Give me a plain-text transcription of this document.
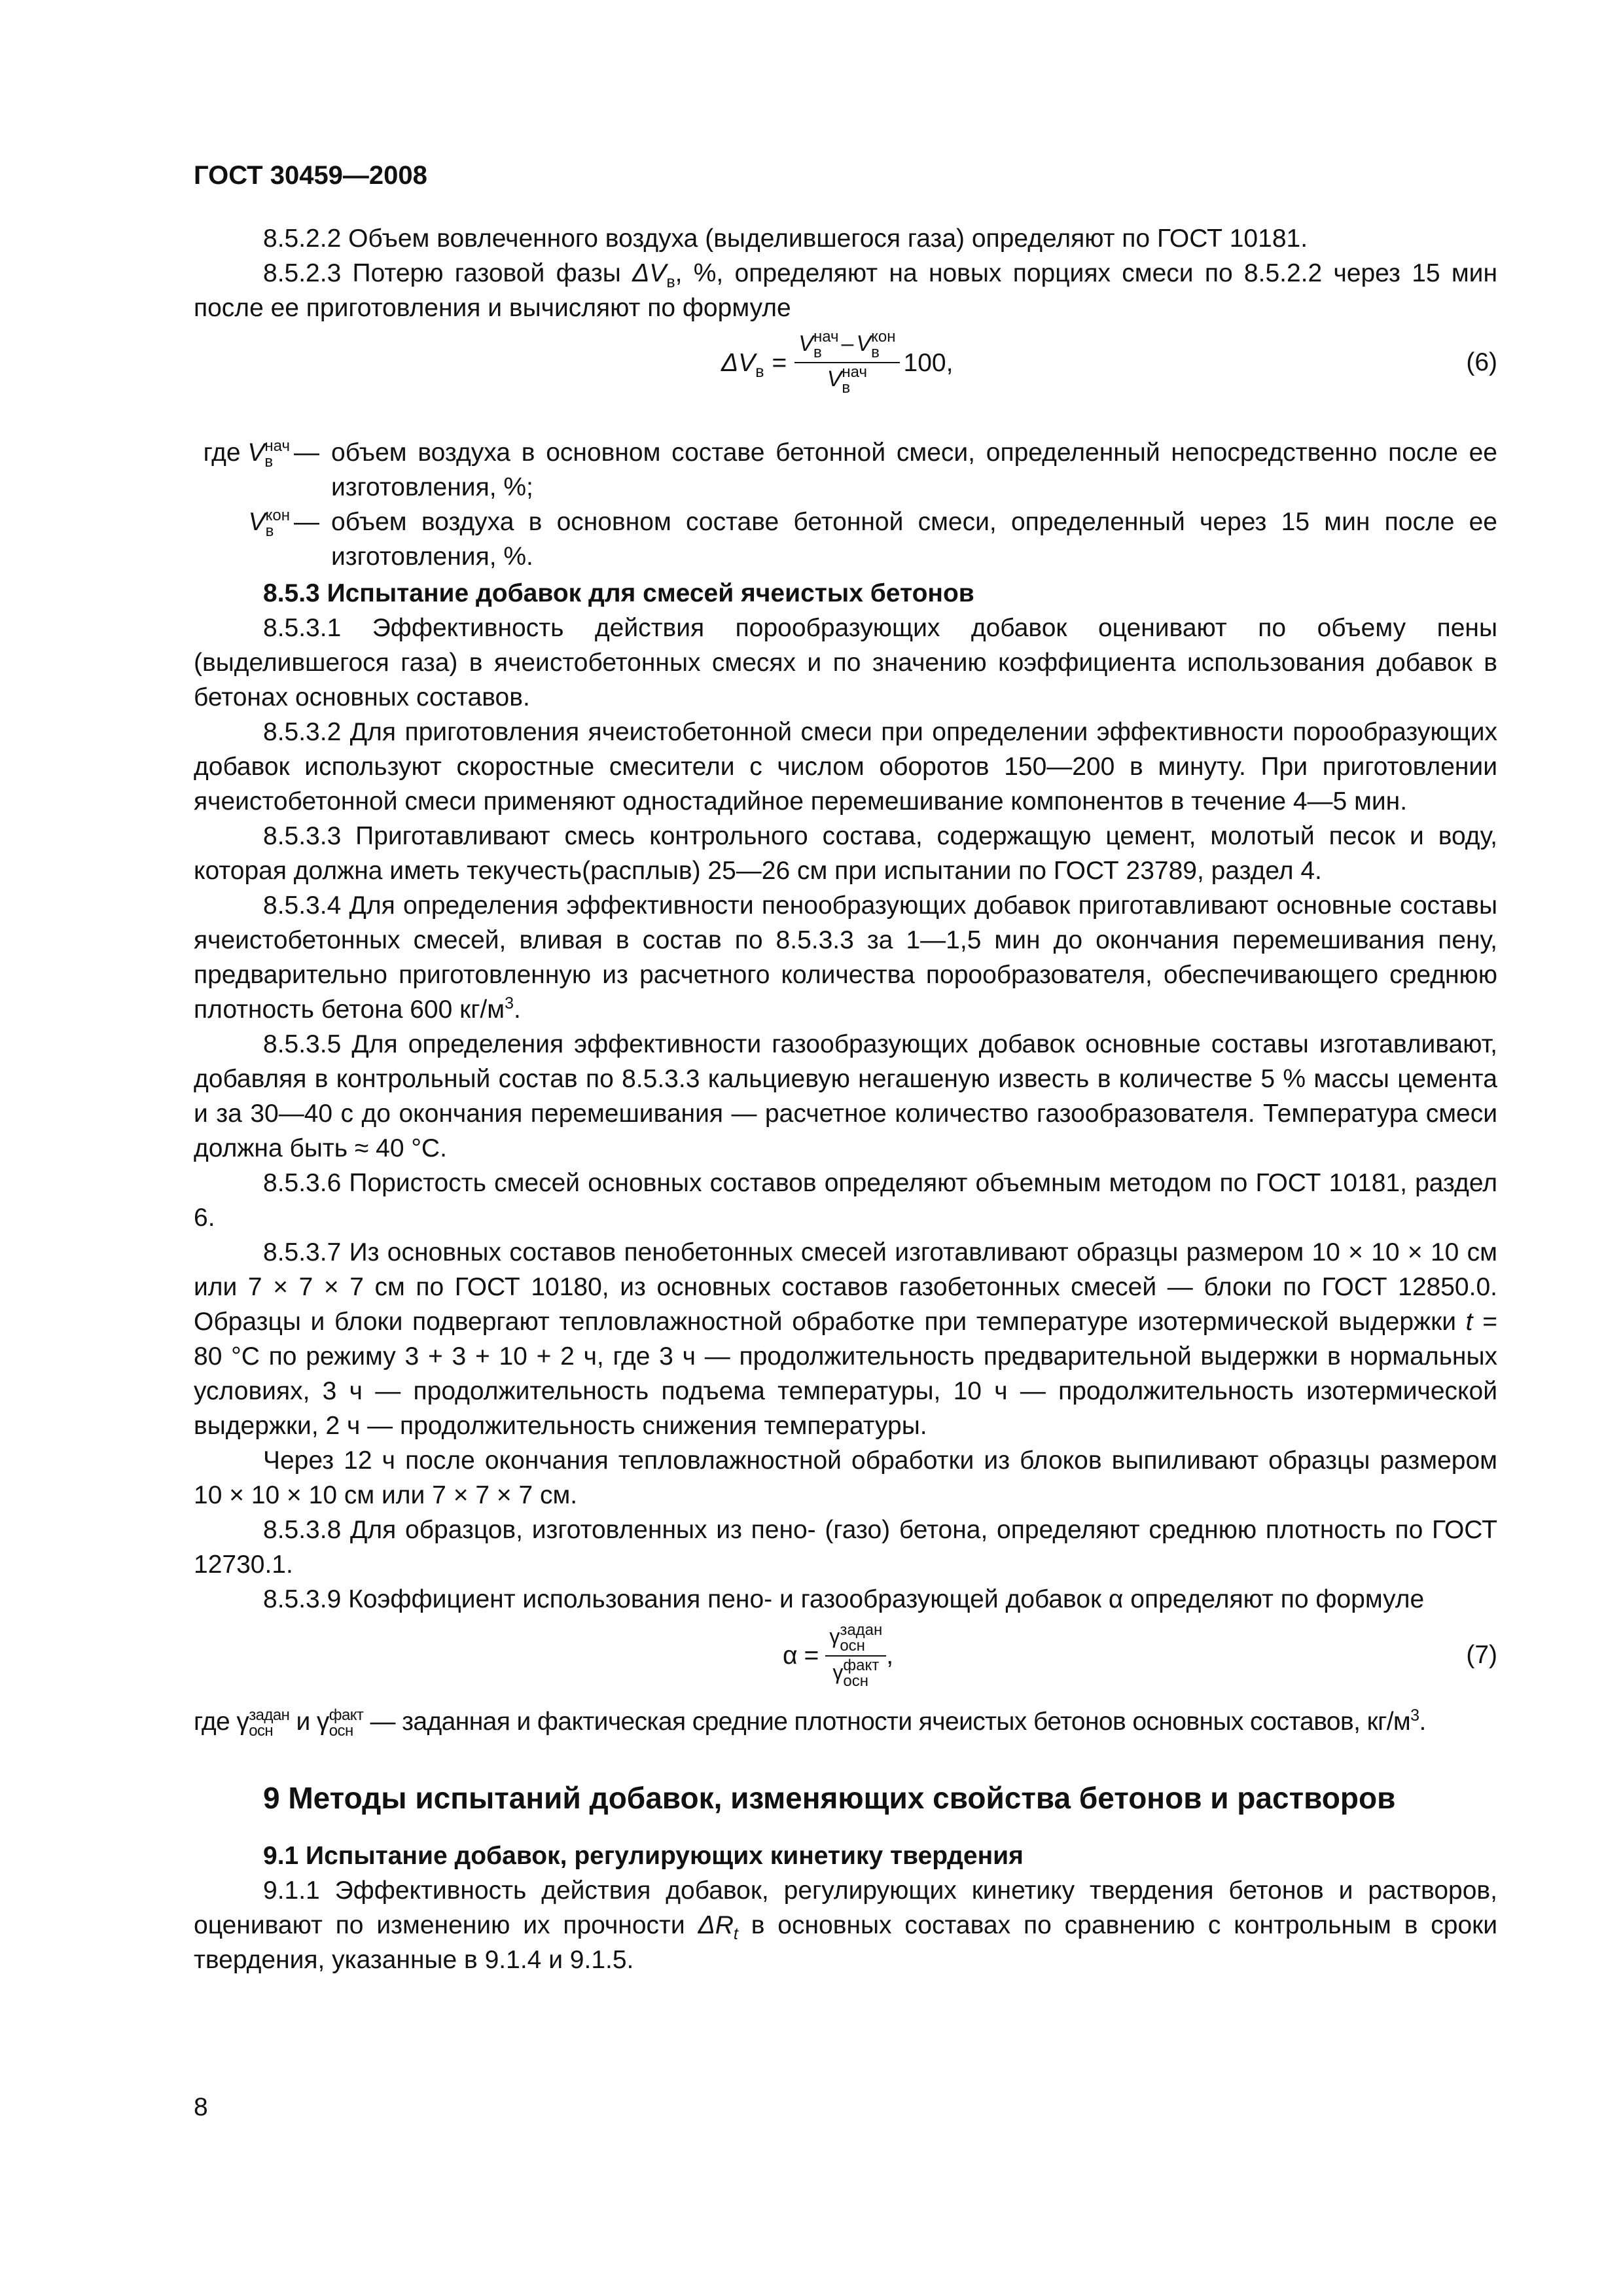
ГОСТ 30459—2008

8.5.2.2 Объем вовлеченного воздуха (выделившегося газа) определяют по ГОСТ 10181.

8.5.2.3 Потерю газовой фазы $\Delta V_в$, %, определяют на новых порциях смеси по 8.5.2.2 через 15 мин после ее приготовления и вычисляют по формуле

$\Delta V_в = V$ нач
в – V кон
в
V нач
в 100,	(6)
где V нач
в — объем воздуха в основном составе бетонной смеси, определенный непосредственно после ее изготовления, %;
V кон
в — объем воздуха в основном составе бетонной смеси, определенный через 15 мин после ее изготовления, %.

8.5.3 Испытание добавок для смесей ячеистых бетонов

8.5.3.1 Эффективность действия порообразующих добавок оценивают по объему пены (выделившегося газа) в ячеистобетонных смесях и по значению коэффициента использования добавок в бетонах основных составов.

8.5.3.2 Для приготовления ячеистобетонной смеси при определении эффективности порообразующих добавок используют скоростные смесители с числом оборотов 150—200 в минуту. При приготовлении ячеистобетонной смеси применяют одностадийное перемешивание компонентов в течение 4—5 мин.

8.5.3.3 Приготавливают смесь контрольного состава, содержащую цемент, молотый песок и воду, которая должна иметь текучесть(расплыв) 25—26 см при испытании по ГОСТ 23789, раздел 4.

8.5.3.4 Для определения эффективности пенообразующих добавок приготавливают основные составы ячеистобетонных смесей, вливая в состав по 8.5.3.3 за 1—1,5 мин до окончания перемешивания пену, предварительно приготовленную из расчетного количества порообразователя, обеспечивающего среднюю плотность бетона 600 $кг/м^3$.

8.5.3.5 Для определения эффективности газообразующих добавок основные составы изготавливают, добавляя в контрольный состав по 8.5.3.3 кальциевую негашеную известь в количестве 5 % массы цемента и за 30—40 с до окончания перемешивания — расчетное количество газообразователя. Температура смеси должна быть ≈ 40 °С.

8.5.3.6 Пористость смесей основных составов определяют объемным методом по ГОСТ 10181, раздел 6.

8.5.3.7 Из основных составов пенобетонных смесей изготавливают образцы размером 10 × 10 × 10 см или 7 × 7 × 7 см по ГОСТ 10180, из основных составов газобетонных смесей — блоки по ГОСТ 12850.0. Образцы и блоки подвергают тепловлажностной обработке при температуре изотермической выдержки t = 80 °С по режиму 3 + 3 + 10 + 2 ч, где 3 ч — продолжительность предварительной выдержки в нормальных условиях, 3 ч — продолжительность подъема температуры, 10 ч — продолжительность изотермической выдержки, 2 ч — продолжительность снижения температуры.

Через 12 ч после окончания тепловлажностной обработки из блоков выпиливают образцы размером 10 × 10 × 10 см или 7 × 7 × 7 см.

8.5.3.8 Для образцов, изготовленных из пено- (газо) бетона, определяют среднюю плотность по ГОСТ 12730.1.

8.5.3.9 Коэффициент использования пено- и газообразующей добавок α определяют по формуле

α = γ задан
осн
γ факт
осн ,	(7)

где γ задан
осн и γ факт
осн — заданная и фактическая средние плотности ячеистых бетонов основных составов, $кг/м^3$.

9 Методы испытаний добавок, изменяющих свойства бетонов и растворов

9.1 Испытание добавок, регулирующих кинетику твердения

9.1.1 Эффективность действия добавок, регулирующих кинетику твердения бетонов и растворов, оценивают по изменению их прочности $\Delta R_t$ в основных составах по сравнению с контрольным в сроки твердения, указанные в 9.1.4 и 9.1.5.

8
